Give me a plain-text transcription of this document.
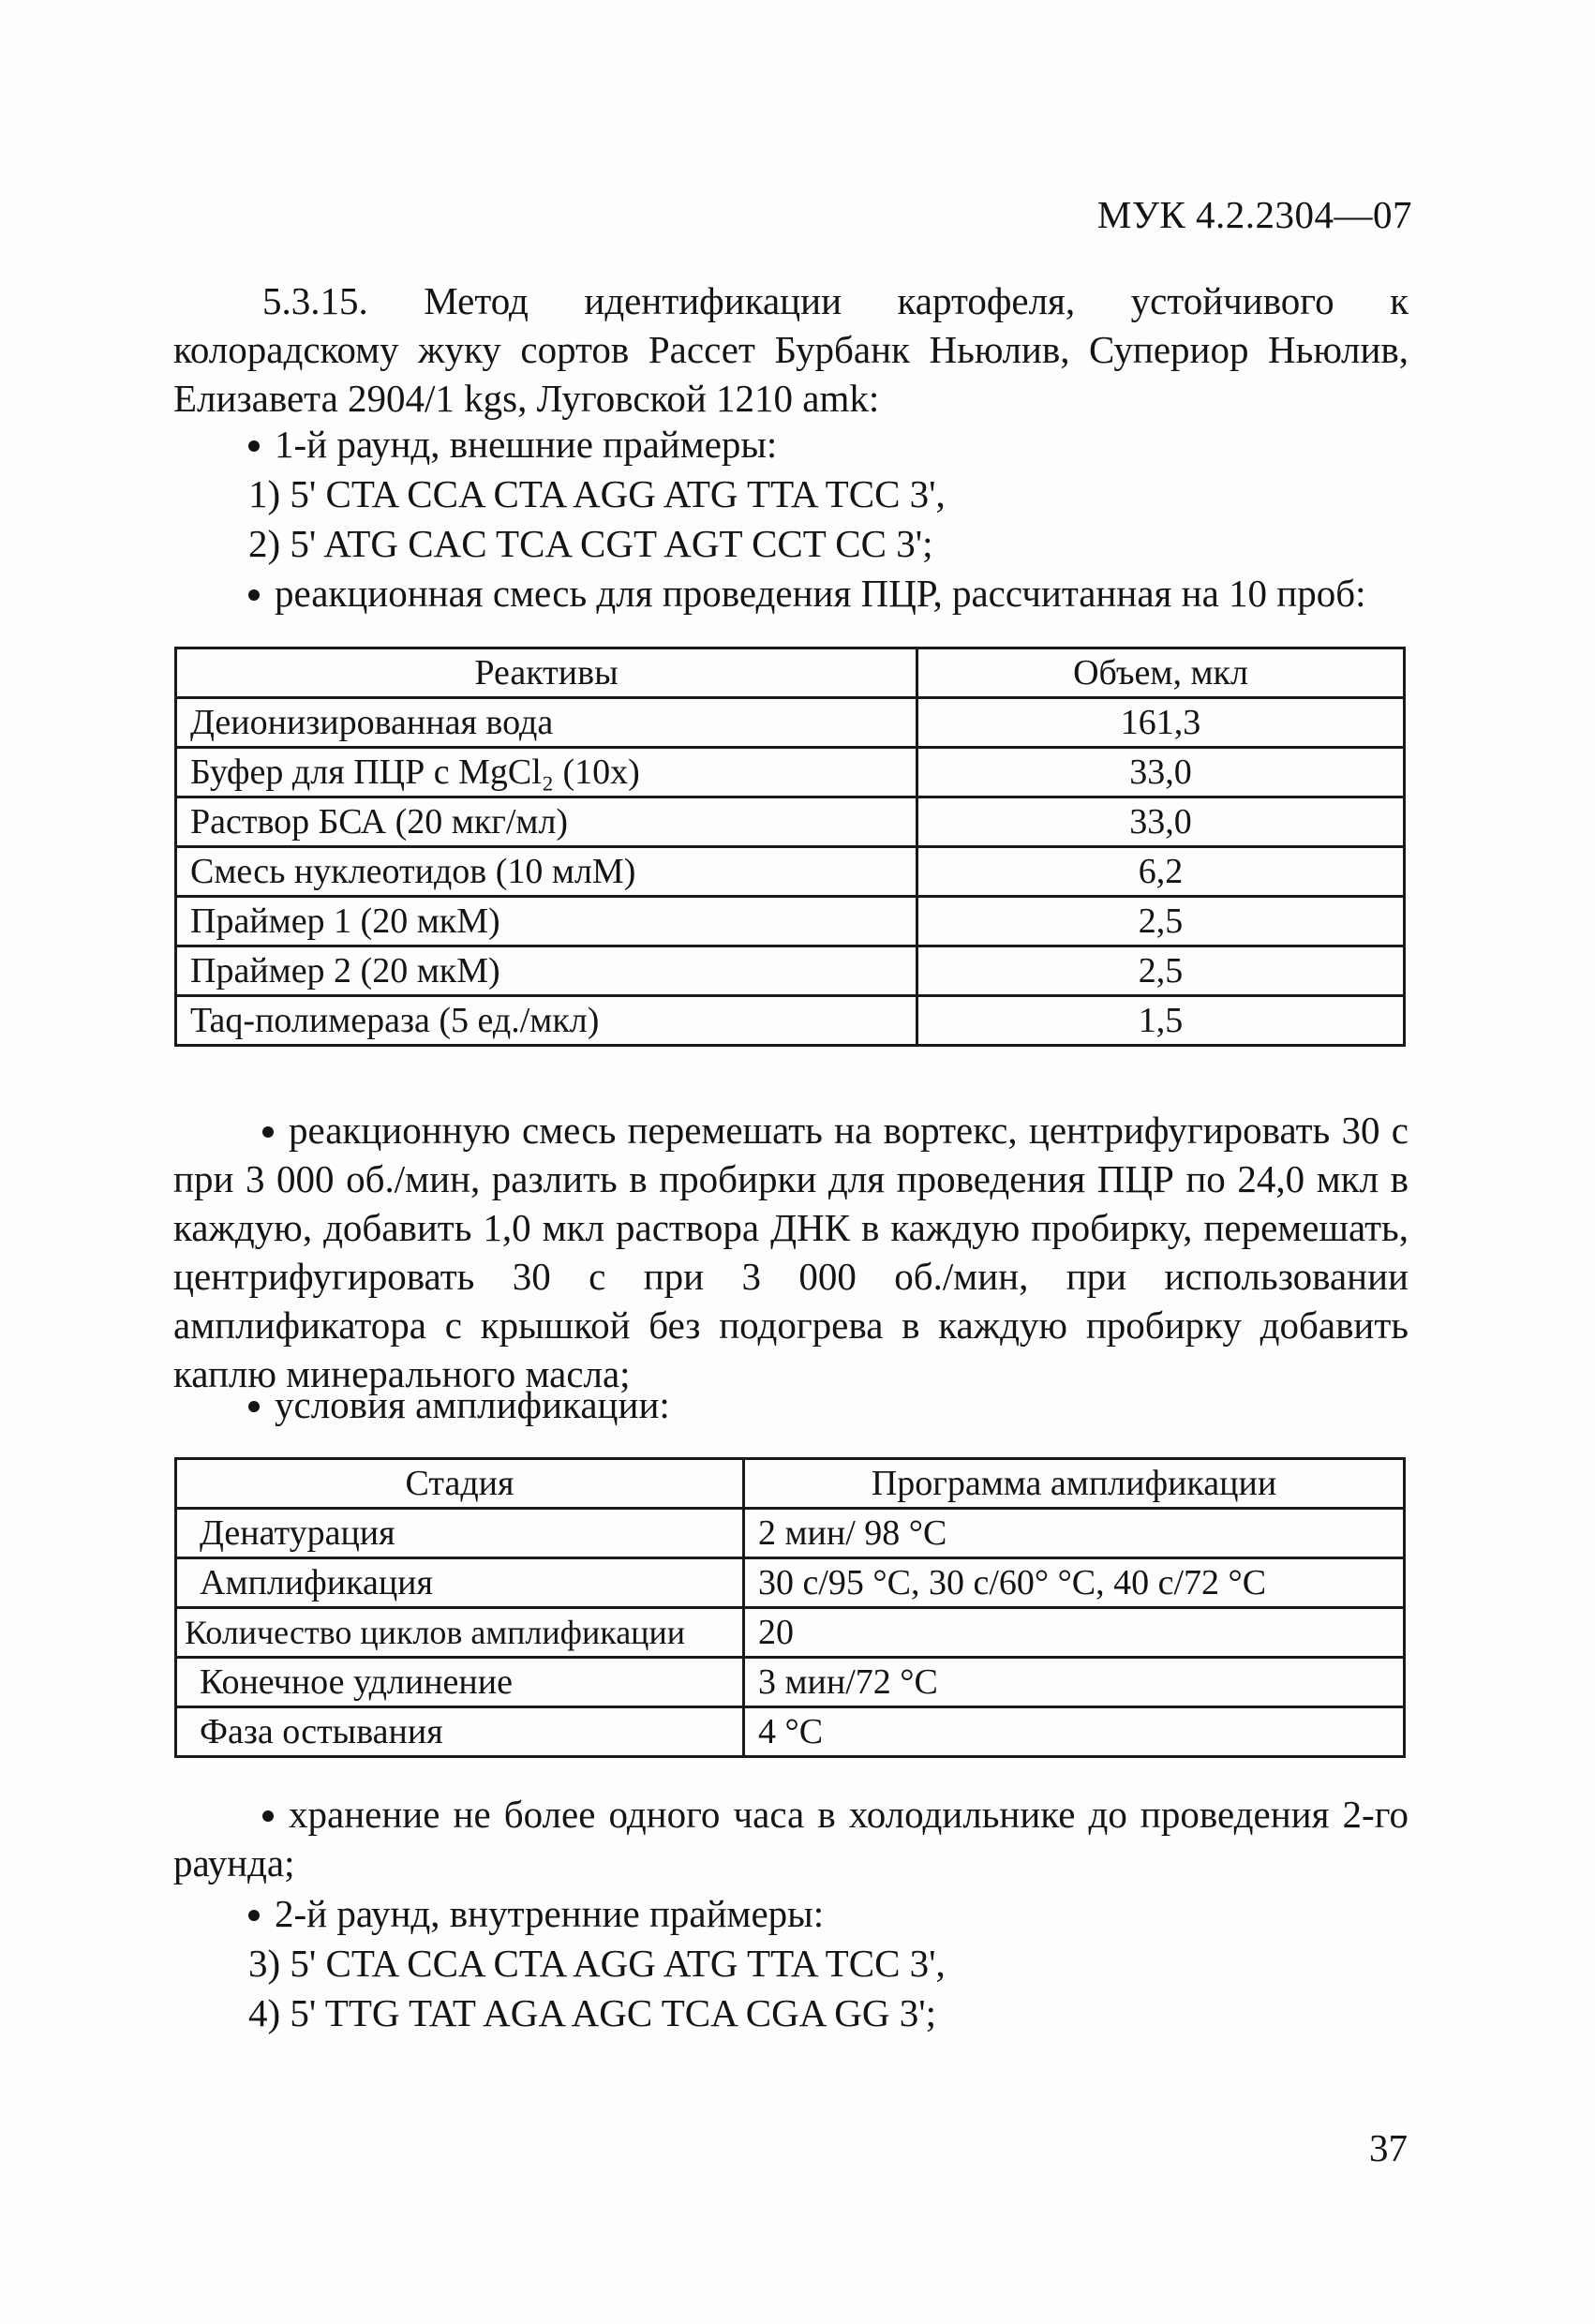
МУК 4.2.2304—07
5.3.15. Метод идентификации картофеля, устойчивого к колорадскому жуку сортов Рассет Бурбанк Ньюлив, Супериор Ньюлив, Елизавета 2904/1 kgs, Луговской 1210 amk:
1-й раунд, внешние праймеры:
1) 5' CTA CCA CTA AGG ATG TTA TCC 3',
2) 5' ATG CAC TCA CGT AGT CCT CC 3';
реакционная смесь для проведения ПЦР, рассчитанная на 10 проб:
Реактивы	Объем, мкл
Деионизированная вода	161,3
Буфер для ПЦР с MgCl₂ (10x)	33,0
Раствор БСА (20 мкг/мл)	33,0
Смесь нуклеотидов (10 млМ)	6,2
Праймер 1 (20 мкМ)	2,5
Праймер 2 (20 мкМ)	2,5
Taq-полимераза (5 ед./мкл)	1,5
реакционную смесь перемешать на вортекс, центрифугировать 30 с при 3 000 об./мин, разлить в пробирки для проведения ПЦР по 24,0 мкл в каждую, добавить 1,0 мкл раствора ДНК в каждую пробирку, перемешать, центрифугировать 30 с при 3 000 об./мин, при использовании амплификатора с крышкой без подогрева в каждую пробирку добавить каплю минерального масла;
условия амплификации:
Стадия	Программа амплификации
Денатурация	2 мин/ 98 °С
Амплификация	30 с/95 °С, 30 с/60° °С, 40 с/72 °С
Количество циклов амплификации	20
Конечное удлинение	3 мин/72 °С
Фаза остывания	4 °С
хранение не более одного часа в холодильнике до проведения 2-го раунда;
2-й раунд, внутренние праймеры:
3) 5' CTA CCA CTA AGG ATG TTA TCC 3',
4) 5' TTG TAT AGA AGC TCA CGA GG 3';
37
